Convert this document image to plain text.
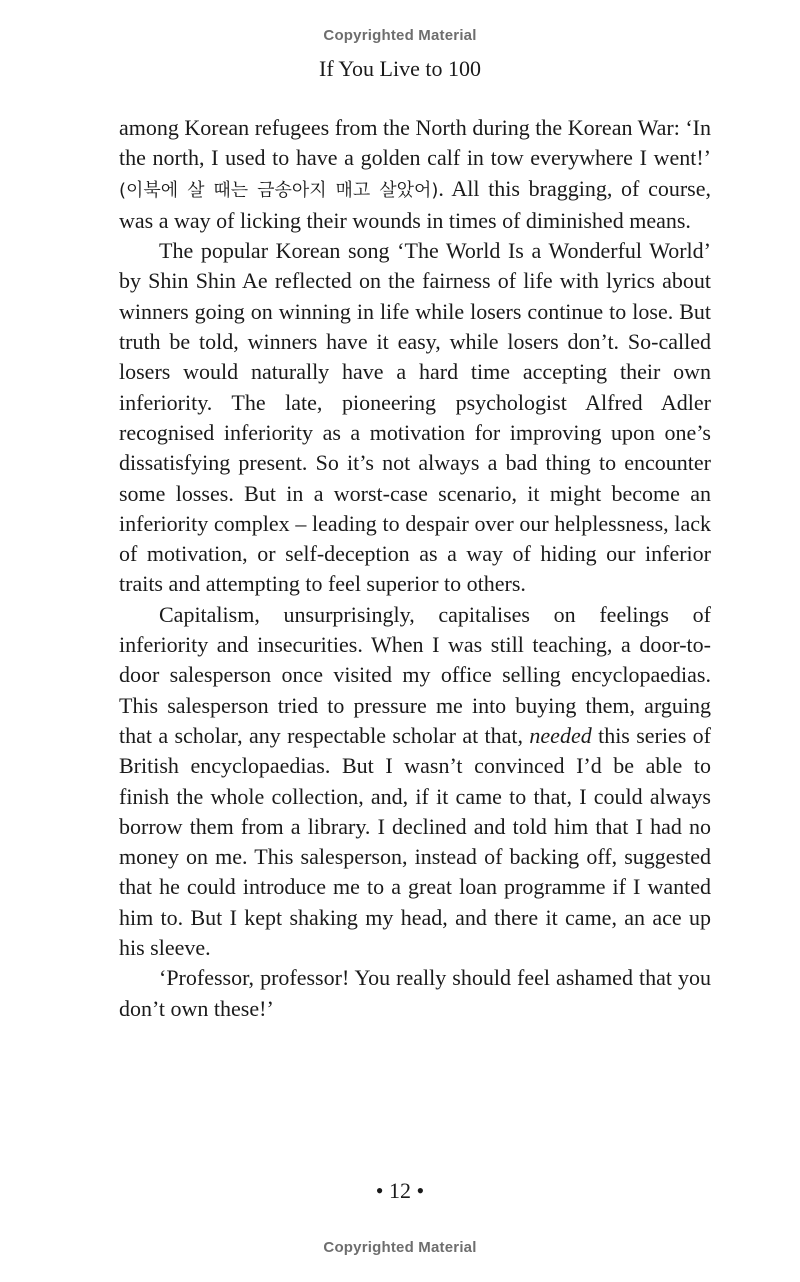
Copyrighted Material
If You Live to 100

among Korean refugees from the North during the Korean War: ‘In the north, I used to have a golden calf in tow everywhere I went!’ (이북에 살 때는 금송아지 매고 살았어). All this bragging, of course, was a way of licking their wounds in times of diminished means.

The popular Korean song ‘The World Is a Wonderful World’ by Shin Shin Ae reflected on the fairness of life with lyrics about winners going on winning in life while losers continue to lose. But truth be told, winners have it easy, while losers don’t. So-called losers would naturally have a hard time accepting their own inferiority. The late, pioneering psychologist Alfred Adler recognised inferiority as a motivation for improving upon one’s dissatisfying present. So it’s not always a bad thing to encounter some losses. But in a worst-case scenario, it might become an inferiority complex – leading to despair over our helplessness, lack of motivation, or self-deception as a way of hiding our inferior traits and attempting to feel superior to others.

Capitalism, unsurprisingly, capitalises on feelings of inferiority and insecurities. When I was still teaching, a door-to-door salesperson once visited my office selling encyclopaedias. This salesperson tried to pressure me into buying them, arguing that a scholar, any respectable scholar at that, needed this series of British encyclopaedias. But I wasn’t convinced I’d be able to finish the whole collection, and, if it came to that, I could always borrow them from a library. I declined and told him that I had no money on me. This salesperson, instead of backing off, suggested that he could introduce me to a great loan programme if I wanted him to. But I kept shaking my head, and there it came, an ace up his sleeve.

‘Professor, professor! You really should feel ashamed that you don’t own these!’

• 12 •
Copyrighted Material
